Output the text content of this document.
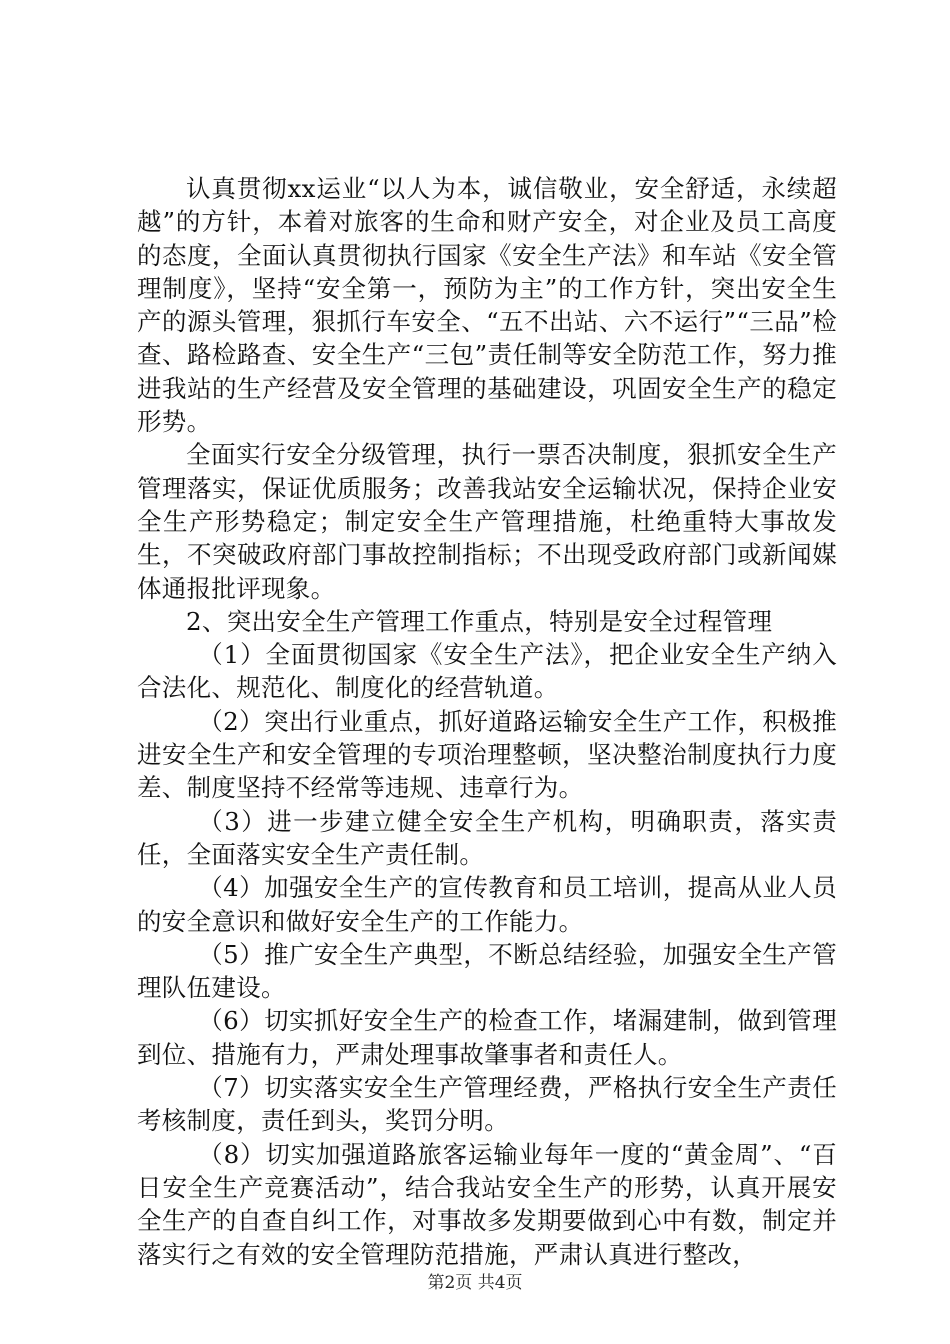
认真贯彻xx运业“以人为本，诚信敬业，安全舒适，永续超越”的方针，本着对旅客的生命和财产安全，对企业及员工高度的态度，全面认真贯彻执行国家《安全生产法》和车站《安全管理制度》，坚持“安全第一，预防为主”的工作方针，突出安全生产的源头管理，狠抓行车安全、“五不出站、六不运行”“三品”检查、路检路查、安全生产“三包”责任制等安全防范工作，努力推进我站的生产经营及安全管理的基础建设，巩固安全生产的稳定形势。

全面实行安全分级管理，执行一票否决制度，狠抓安全生产管理落实，保证优质服务；改善我站安全运输状况，保持企业安全生产形势稳定；制定安全生产管理措施，杜绝重特大事故发生，不突破政府部门事故控制指标；不出现受政府部门或新闻媒体通报批评现象。

2、突出安全生产管理工作重点，特别是安全过程管理

（1）全面贯彻国家《安全生产法》，把企业安全生产纳入合法化、规范化、制度化的经营轨道。

（2）突出行业重点，抓好道路运输安全生产工作，积极推进安全生产和安全管理的专项治理整顿，坚决整治制度执行力度差、制度坚持不经常等违规、违章行为。

（3）进一步建立健全安全生产机构，明确职责，落实责任，全面落实安全生产责任制。

（4）加强安全生产的宣传教育和员工培训，提高从业人员的安全意识和做好安全生产的工作能力。

（5）推广安全生产典型，不断总结经验，加强安全生产管理队伍建设。

（6）切实抓好安全生产的检查工作，堵漏建制，做到管理到位、措施有力，严肃处理事故肇事者和责任人。

（7）切实落实安全生产管理经费，严格执行安全生产责任考核制度，责任到头，奖罚分明。

（8）切实加强道路旅客运输业每年一度的“黄金周”、“百日安全生产竞赛活动”，结合我站安全生产的形势，认真开展安全生产的自查自纠工作，对事故多发期要做到心中有数，制定并落实行之有效的安全管理防范措施，严肃认真进行整改，

第2页 共4页
